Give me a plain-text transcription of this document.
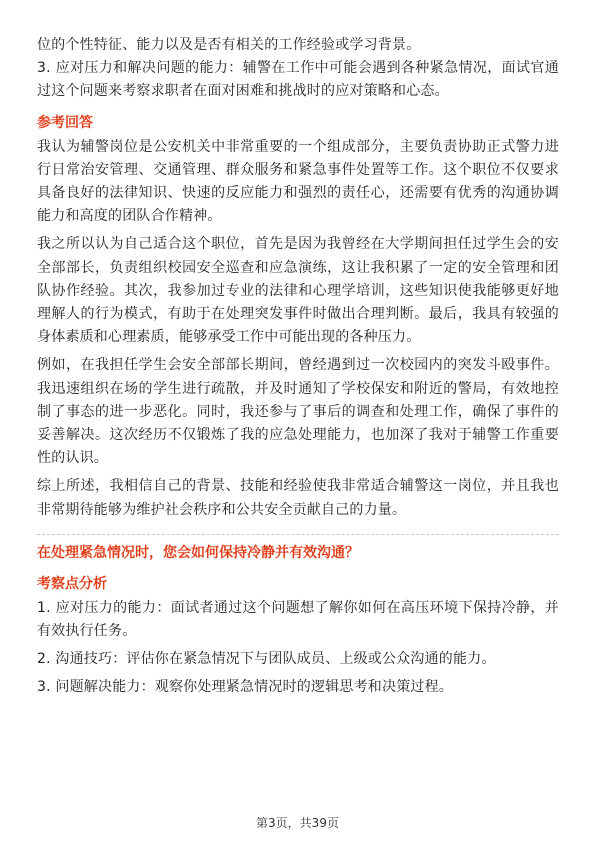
位的个性特征、能力以及是否有相关的工作经验或学习背景。

3. 应对压力和解决问题的能力：辅警在工作中可能会遇到各种紧急情况，面试官通过这个问题来考察求职者在面对困难和挑战时的应对策略和心态。

参考回答

我认为辅警岗位是公安机关中非常重要的一个组成部分，主要负责协助正式警力进行日常治安管理、交通管理、群众服务和紧急事件处置等工作。这个职位不仅要求具备良好的法律知识、快速的反应能力和强烈的责任心，还需要有优秀的沟通协调能力和高度的团队合作精神。

我之所以认为自己适合这个职位，首先是因为我曾经在大学期间担任过学生会的安全部部长，负责组织校园安全巡查和应急演练，这让我积累了一定的安全管理和团队协作经验。其次，我参加过专业的法律和心理学培训，这些知识使我能够更好地理解人的行为模式，有助于在处理突发事件时做出合理判断。最后，我具有较强的身体素质和心理素质，能够承受工作中可能出现的各种压力。

例如，在我担任学生会安全部部长期间，曾经遇到过一次校园内的突发斗殴事件。我迅速组织在场的学生进行疏散，并及时通知了学校保安和附近的警局，有效地控制了事态的进一步恶化。同时，我还参与了事后的调查和处理工作，确保了事件的妥善解决。这次经历不仅锻炼了我的应急处理能力，也加深了我对于辅警工作重要性的认识。

综上所述，我相信自己的背景、技能和经验使我非常适合辅警这一岗位，并且我也非常期待能够为维护社会秩序和公共安全贡献自己的力量。

在处理紧急情况时，您会如何保持冷静并有效沟通？

考察点分析

1. 应对压力的能力：面试者通过这个问题想了解你如何在高压环境下保持冷静，并有效执行任务。

2. 沟通技巧：评估你在紧急情况下与团队成员、上级或公众沟通的能力。

3. 问题解决能力：观察你处理紧急情况时的逻辑思考和决策过程。

第3页，共39页
